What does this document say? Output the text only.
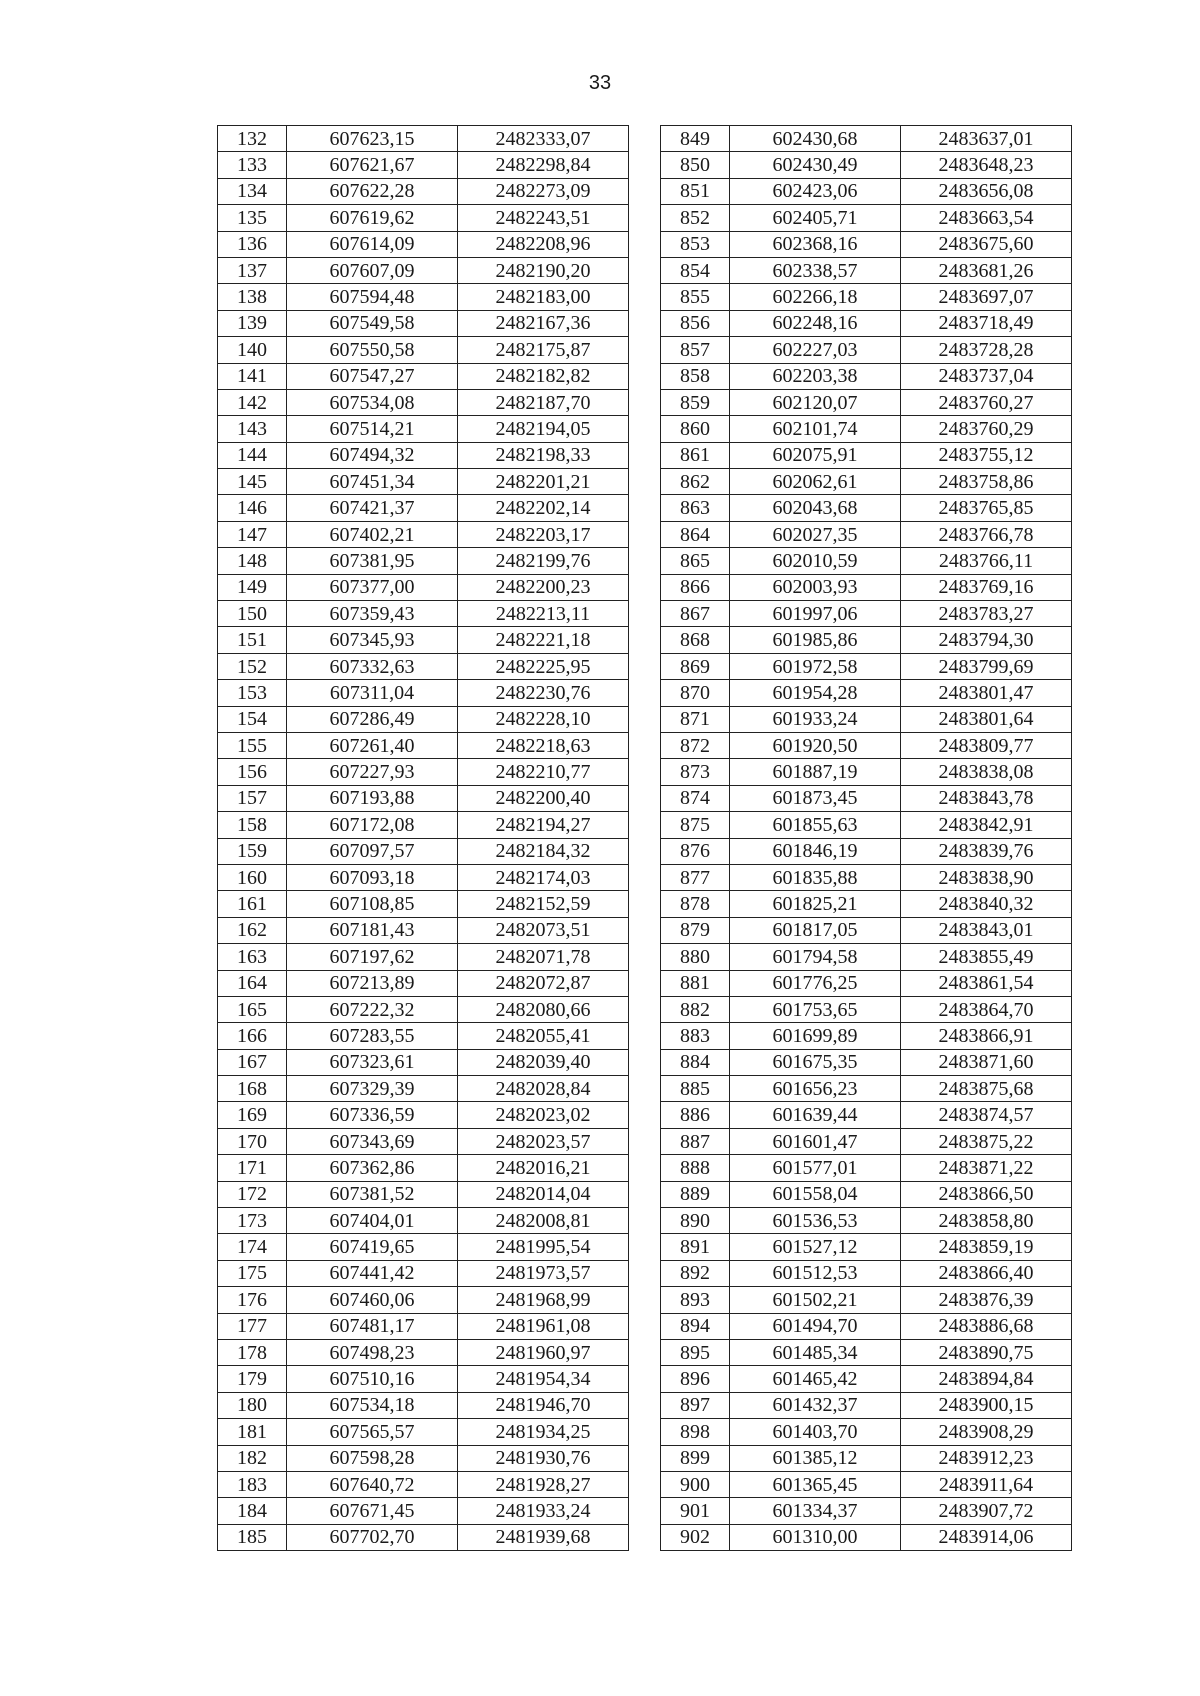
33
132	607623,15	2482333,07		849	602430,68	2483637,01
133	607621,67	2482298,84		850	602430,49	2483648,23
134	607622,28	2482273,09		851	602423,06	2483656,08
135	607619,62	2482243,51		852	602405,71	2483663,54
136	607614,09	2482208,96		853	602368,16	2483675,60
137	607607,09	2482190,20		854	602338,57	2483681,26
138	607594,48	2482183,00		855	602266,18	2483697,07
139	607549,58	2482167,36		856	602248,16	2483718,49
140	607550,58	2482175,87		857	602227,03	2483728,28
141	607547,27	2482182,82		858	602203,38	2483737,04
142	607534,08	2482187,70		859	602120,07	2483760,27
143	607514,21	2482194,05		860	602101,74	2483760,29
144	607494,32	2482198,33		861	602075,91	2483755,12
145	607451,34	2482201,21		862	602062,61	2483758,86
146	607421,37	2482202,14		863	602043,68	2483765,85
147	607402,21	2482203,17		864	602027,35	2483766,78
148	607381,95	2482199,76		865	602010,59	2483766,11
149	607377,00	2482200,23		866	602003,93	2483769,16
150	607359,43	2482213,11		867	601997,06	2483783,27
151	607345,93	2482221,18		868	601985,86	2483794,30
152	607332,63	2482225,95		869	601972,58	2483799,69
153	607311,04	2482230,76		870	601954,28	2483801,47
154	607286,49	2482228,10		871	601933,24	2483801,64
155	607261,40	2482218,63		872	601920,50	2483809,77
156	607227,93	2482210,77		873	601887,19	2483838,08
157	607193,88	2482200,40		874	601873,45	2483843,78
158	607172,08	2482194,27		875	601855,63	2483842,91
159	607097,57	2482184,32		876	601846,19	2483839,76
160	607093,18	2482174,03		877	601835,88	2483838,90
161	607108,85	2482152,59		878	601825,21	2483840,32
162	607181,43	2482073,51		879	601817,05	2483843,01
163	607197,62	2482071,78		880	601794,58	2483855,49
164	607213,89	2482072,87		881	601776,25	2483861,54
165	607222,32	2482080,66		882	601753,65	2483864,70
166	607283,55	2482055,41		883	601699,89	2483866,91
167	607323,61	2482039,40		884	601675,35	2483871,60
168	607329,39	2482028,84		885	601656,23	2483875,68
169	607336,59	2482023,02		886	601639,44	2483874,57
170	607343,69	2482023,57		887	601601,47	2483875,22
171	607362,86	2482016,21		888	601577,01	2483871,22
172	607381,52	2482014,04		889	601558,04	2483866,50
173	607404,01	2482008,81		890	601536,53	2483858,80
174	607419,65	2481995,54		891	601527,12	2483859,19
175	607441,42	2481973,57		892	601512,53	2483866,40
176	607460,06	2481968,99		893	601502,21	2483876,39
177	607481,17	2481961,08		894	601494,70	2483886,68
178	607498,23	2481960,97		895	601485,34	2483890,75
179	607510,16	2481954,34		896	601465,42	2483894,84
180	607534,18	2481946,70		897	601432,37	2483900,15
181	607565,57	2481934,25		898	601403,70	2483908,29
182	607598,28	2481930,76		899	601385,12	2483912,23
183	607640,72	2481928,27		900	601365,45	2483911,64
184	607671,45	2481933,24		901	601334,37	2483907,72
185	607702,70	2481939,68		902	601310,00	2483914,06
